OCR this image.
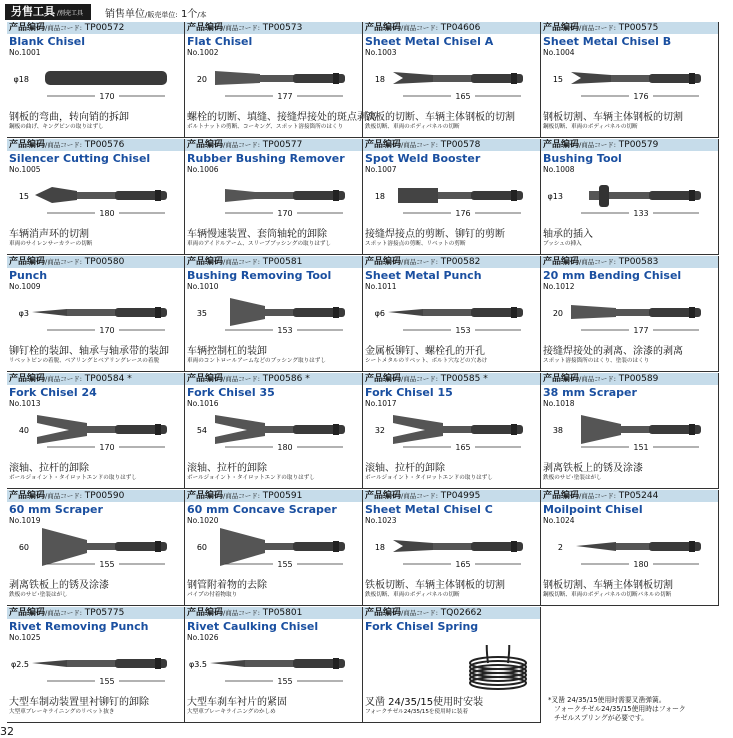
另售工具 /別売工具	销售单位/販売単位: 1个/本
产品编码/商品コード: TP00572
Blank Chisel
No.1001
钢板的弯曲，转向销的拆卸
鋼板の曲げ、キングピンの取りはずし
φ18
170
产品编码/商品コード: TP00573
Flat Chisel
No.1002
螺栓的切断、填缝、接缝焊接处的斑点剥离
ボルトナットの剪断、コーキング、スポット溶接箇所のはくり
20
177
产品编码/商品コード: TP04606
Sheet Metal Chisel A
No.1003
铁板的切断、车辆主体钢板的切割
鉄板切断、車両のボディパネルの切断
18
165
产品编码/商品コード: TP00575
Sheet Metal Chisel B
No.1004
钢板切割、车辆主体钢板的切割
鋼板切断、車両のボディパネルの切断
15
176
产品编码/商品コード: TP00576
Silencer Cutting Chisel
No.1005
车辆消声环的切割
車両のサイレンサーカラーの切断
15
180
产品编码/商品コード: TP00577
Rubber Bushing Remover
No.1006
车辆慢速装置、套筒轴轮的卸除
車両のアイドルアーム、スリーブブッシングの取りはずし
170
产品编码/商品コード: TP00578
Spot Weld Booster
No.1007
接缝焊接点的剪断、铆钉的剪断
スポット溶接点の剪断、リベットの剪断
18
176
产品编码/商品コード: TP00579
Bushing Tool
No.1008
轴承的插入
ブッシュの挿入
φ13
133
产品编码/商品コード: TP00580
Punch
No.1009
铆钉栓的装卸、轴承与轴承带的装卸
リベットピンの着脱、ベアリングとベアリングレースの着脱
φ3
170
产品编码/商品コード: TP00581
Bushing Removing Tool
No.1010
车辆控制杠的装卸
車両のコントロールアームなどのブッシング取りはずし
35
153
产品编码/商品コード: TP00582
Sheet Metal Punch
No.1011
金属板铆钉、螺栓孔的开孔
シートメタルのリベット、ボルト穴などの穴あけ
φ6
153
产品编码/商品コード: TP00583
20 mm Bending Chisel
No.1012
接缝焊接处的剥离、涂漆的剥离
スポット溶接箇所のはくり、塗装のはくり
20
177
产品编码/商品コード: TP00584 *
Fork Chisel 24
No.1013
滚轴、拉杆的卸除
ボールジョイント・タイロットエンドの取りはずし
40
170
产品编码/商品コード: TP00586 *
Fork Chisel 35
No.1016
滚轴、拉杆的卸除
ボールジョイント・タイロットエンドの取りはずし
54
180
产品编码/商品コード: TP00585 *
Fork Chisel 15
No.1017
滚轴、拉杆的卸除
ボールジョイント・タイロットエンドの取りはずし
32
165
产品编码/商品コード: TP00589
38 mm Scraper
No.1018
剥离铁板上的锈及涂漆
鉄板のサビ･塗装はがし
38
151
产品编码/商品コード: TP00590
60 mm Scraper
No.1019
剥离铁板上的锈及涂漆
鉄板のサビ･塗装はがし
60
155
产品编码/商品コード: TP00591
60 mm Concave Scraper
No.1020
钢管附着物的去除
パイプの付着物取り
60
155
产品编码/商品コード: TP04995
Sheet Metal Chisel C
No.1023
铁板切断、车辆主体钢板的切割
鉄板切断、車両のボディパネルの切断
18
165
产品编码/商品コード: TP05244
Moilpoint Chisel
No.1024
钢板切割、车辆主体钢板切割
鋼板切断、車両のボディパネルの切断パネルの切断
2
180
产品编码/商品コード: TP05775
Rivet Removing Punch
No.1025
大型车制动装置里衬铆钉的卸除
大型車ブレーキライニングのリベット抜き
φ2.5
155
产品编码/商品コード: TP05801
Rivet Caulking Chisel
No.1026
大型车刹车衬片的紧固
大型車ブレーキライニングのかしめ
φ3.5
155
产品编码/商品コード: TQ02662
Fork Chisel Spring
叉凿 24/35/15使用时安装
フォークチゼル24/35/15を使用時に装着
*叉凿 24/35/15使用时需要叉凿弹簧。
フォークチゼル24/35/15使用時はフォーク
チゼルスプリングが必要です。
32
